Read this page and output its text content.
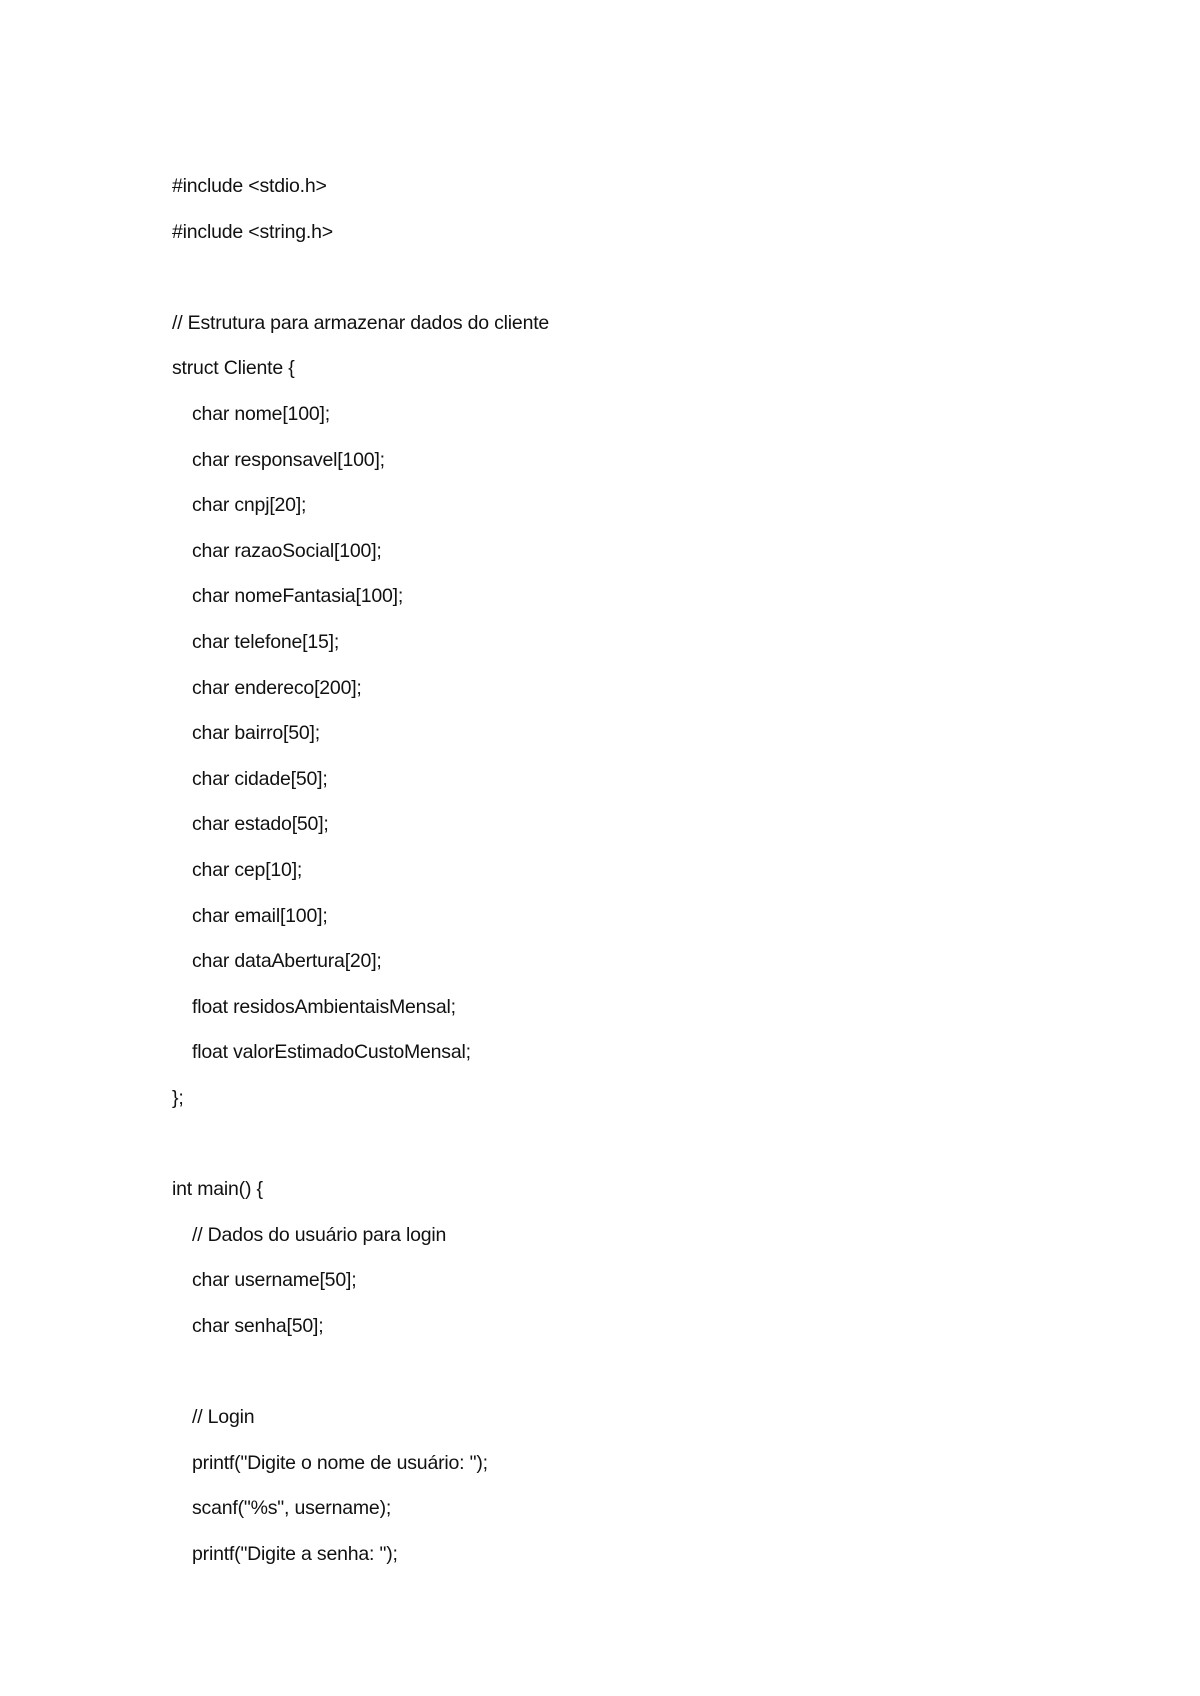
#include <stdio.h>
#include <string.h>
// Estrutura para armazenar dados do cliente
struct Cliente {
char nome[100];
char responsavel[100];
char cnpj[20];
char razaoSocial[100];
char nomeFantasia[100];
char telefone[15];
char endereco[200];
char bairro[50];
char cidade[50];
char estado[50];
char cep[10];
char email[100];
char dataAbertura[20];
float residosAmbientaisMensal;
float valorEstimadoCustoMensal;
};
int main() {
// Dados do usuário para login
char username[50];
char senha[50];
// Login
printf("Digite o nome de usuário: ");
scanf("%s", username);
printf("Digite a senha: ");
